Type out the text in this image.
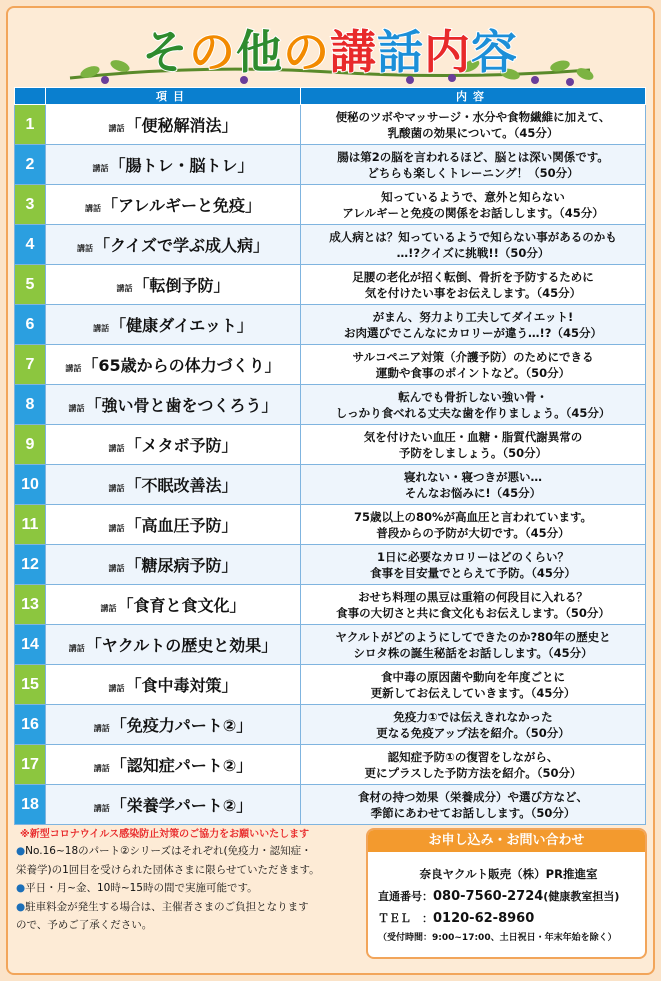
その他の講話内容
	項目	内容
1	講話「便秘解消法」	便秘のツボやマッサージ・水分や食物繊維に加えて、
乳酸菌の効果について。（45分）

2	講話「腸トレ・脳トレ」	腸は第2の脳を言われるほど、脳とは深い関係です。
どちらも楽しくトレーニング！（50分）

3	講話「アレルギーと免疫」	知っているようで、意外と知らない
アレルギーと免疫の関係をお話しします。（45分）

4	講話「クイズで学ぶ成人病」	成人病とは？知っているようで知らない事があるのかも
…!?クイズに挑戦!!（50分）

5	講話「転倒予防」	足腰の老化が招く転倒、骨折を予防するために
気を付けたい事をお伝えします。（45分）

6	講話「健康ダイエット」	がまん、努力より工夫してダイエット!
お肉選びでこんなにカロリーが違う…!?（45分）

7	講話「65歳からの体力づくり」	サルコペニア対策（介護予防）のためにできる
運動や食事のポイントなど。（50分）

8	講話「強い骨と歯をつくろう」	転んでも骨折しない強い骨・
しっかり食べれる丈夫な歯を作りましょう。（45分）

9	講話「メタボ予防」	気を付けたい血圧・血糖・脂質代謝異常の
予防をしましょう。（50分）

10	講話「不眠改善法」	寝れない・寝つきが悪い…
そんなお悩みに!（45分）

11	講話「高血圧予防」	75歳以上の80%が高血圧と言われています。
普段からの予防が大切です。（45分）

12	講話「糖尿病予防」	1日に必要なカロリーはどのくらい？
食事を目安量でとらえて予防。（45分）

13	講話「食育と食文化」	おせち料理の黒豆は重箱の何段目に入れる？
食事の大切さと共に食文化もお伝えします。（50分）

14	講話「ヤクルトの歴史と効果」	ヤクルトがどのようにしてできたのか?80年の歴史と
シロタ株の誕生秘話をお話しします。（45分）

15	講話「食中毒対策」	食中毒の原因菌や動向を年度ごとに
更新してお伝えしていきます。（45分）

16	講話「免疫力パート②」	免疫力①では伝えきれなかった
更なる免疫アップ法を紹介。（50分）

17	講話「認知症パート②」	認知症予防①の復習をしながら、
更にプラスした予防方法を紹介。（50分）

18	講話「栄養学パート②」	食材の持つ効果（栄養成分）や選び方など、
季節にあわせてお話しします。（50分）
※新型コロナウイルス感染防止対策のご協力をお願いいたします
●No.16~18のパート②シリーズはそれぞれ(免疫力・認知症・
栄養学)の1回目を受けられた団体さまに限らせていただきます。
●平日・月~金、10時~15時の間で実施可能です。
●駐車料金が発生する場合は、主催者さまのご負担となります
ので、予めご了承ください。
お申し込み・お問い合わせ
奈良ヤクルト販売（株）PR推進室
直通番号：080-7560-2724(健康教室担当)
ＴＥＬ　：0120-62-8960
（受付時間：9:00~17:00、土日祝日・年末年始を除く）
